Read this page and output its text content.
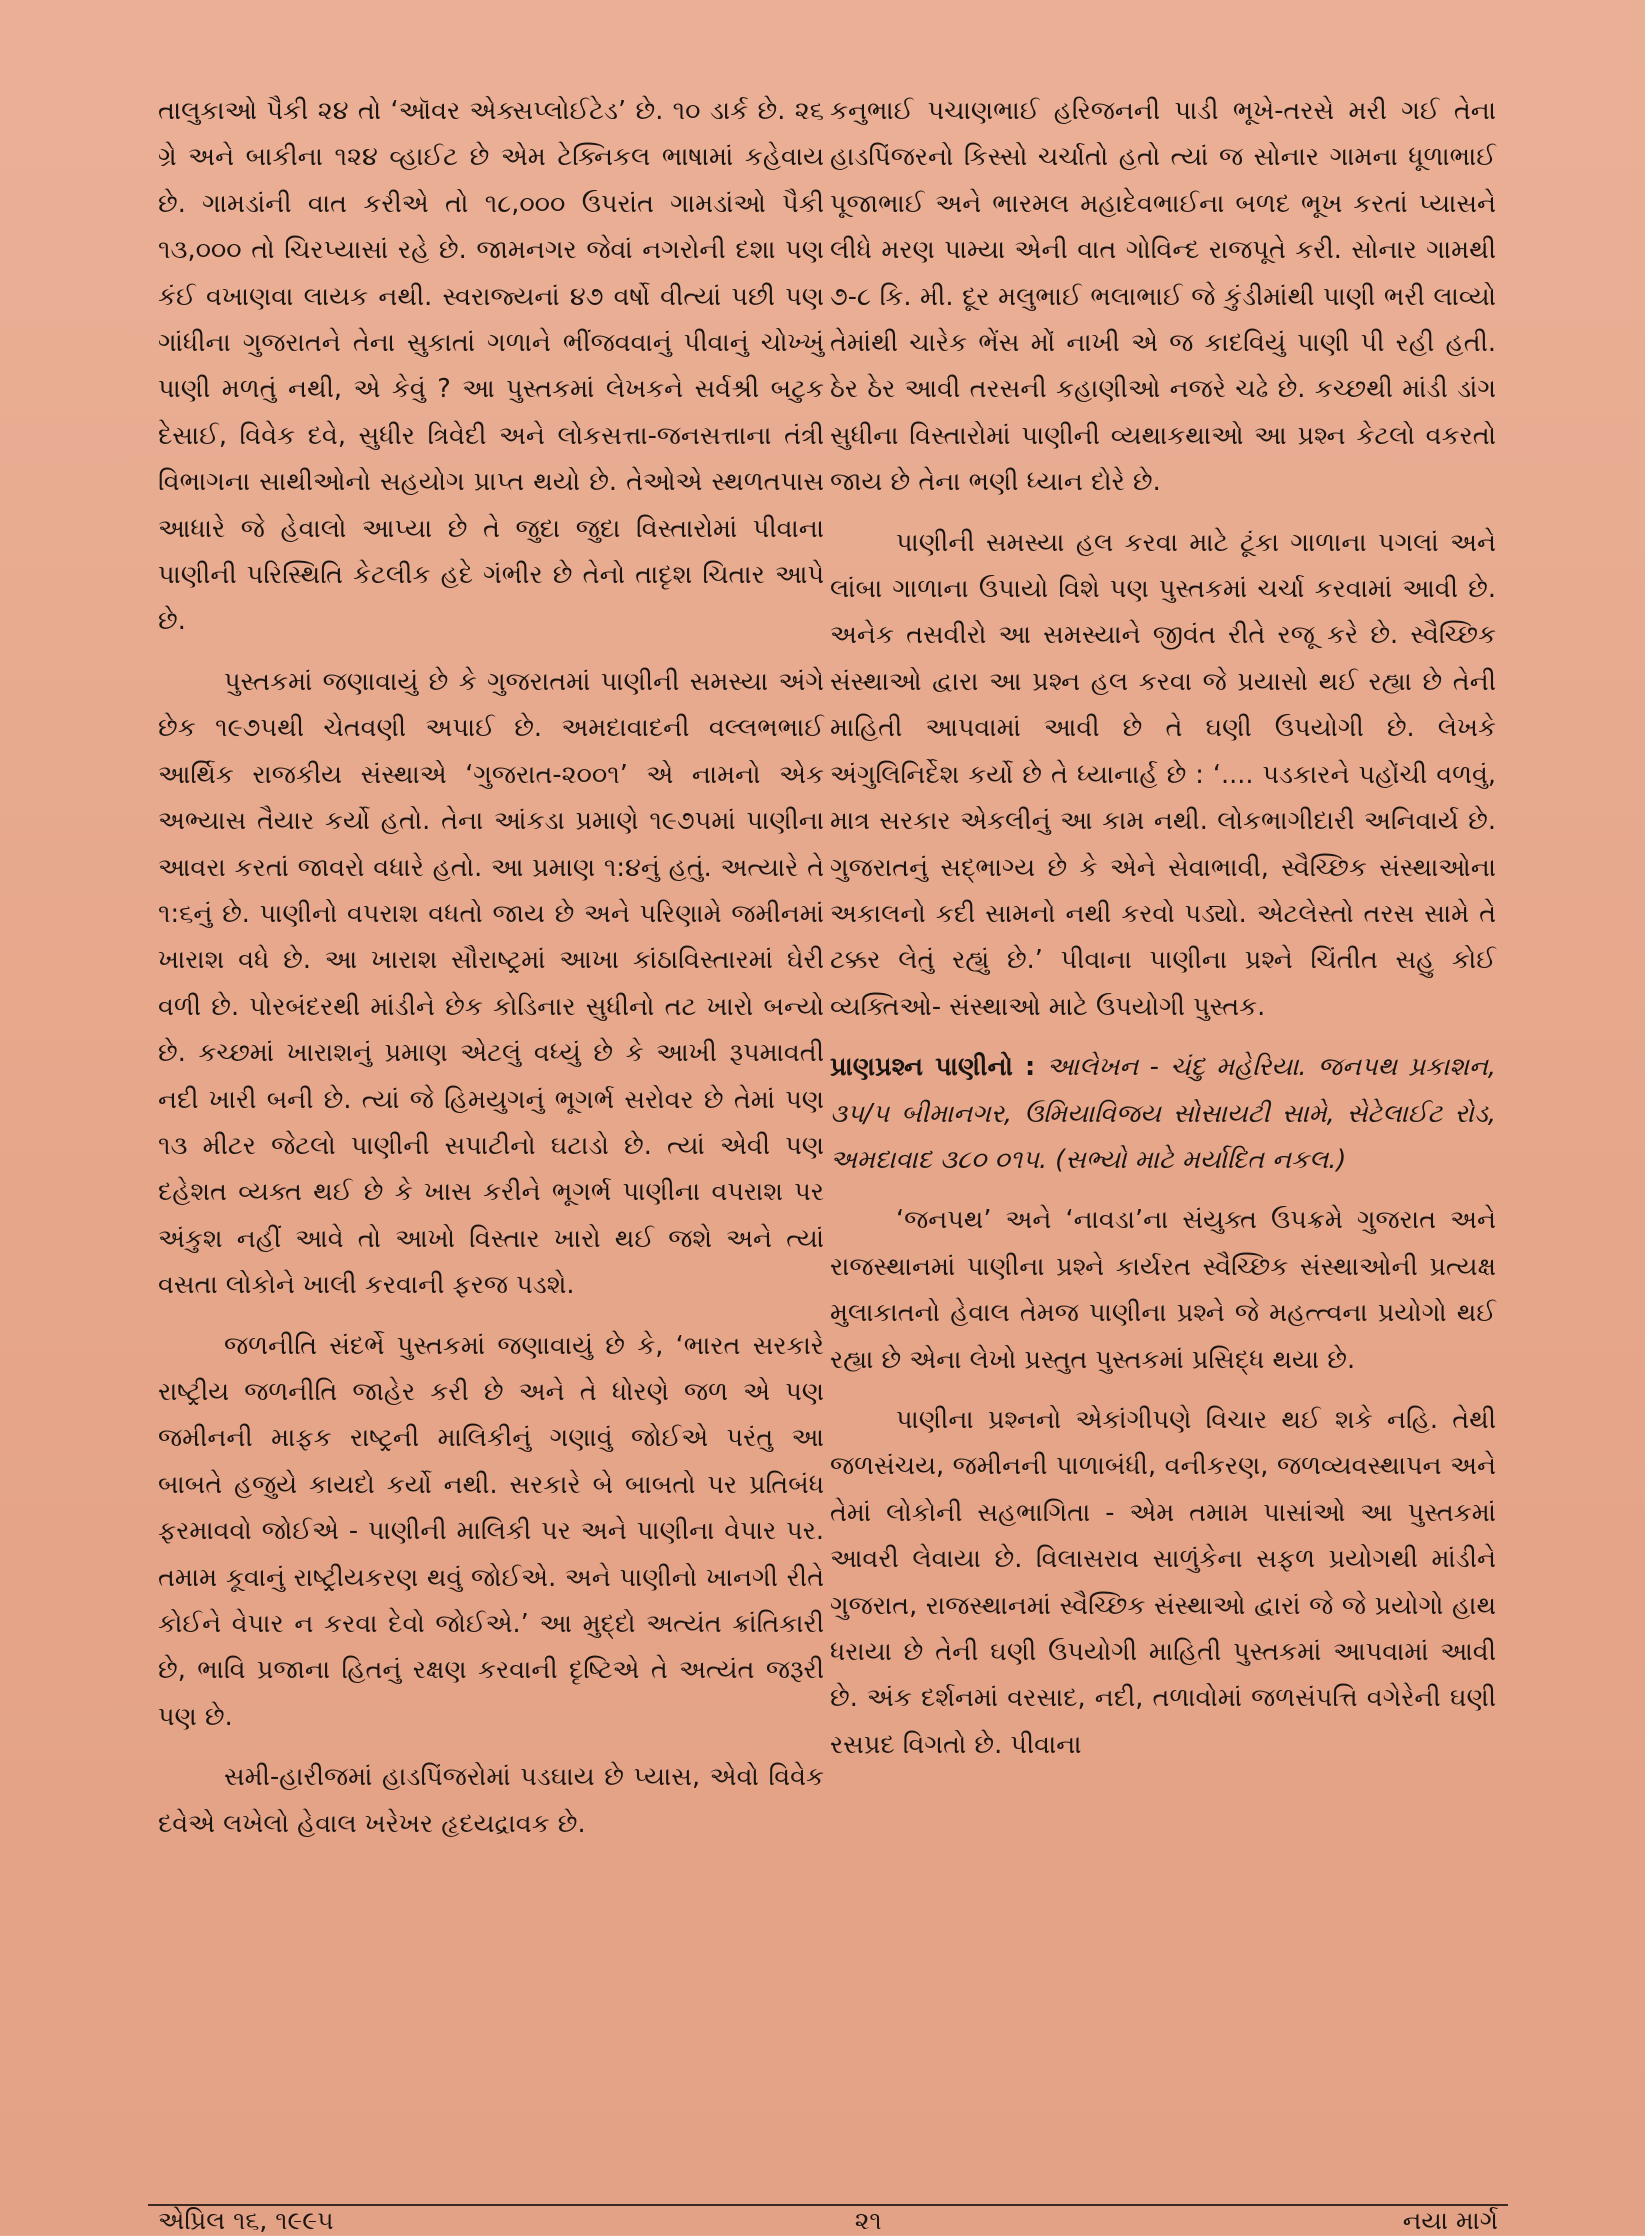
તાલુકાઓ પૈકી ૨૪ તો ‘ઑવર એક્સપ્લોઈટેડ’ છે. ૧૦ ડાર્ક છે. ૨૬ ગ્રે અને બાકીના ૧૨૪ વ્હાઈટ છે એમ ટેક્નિકલ ભાષામાં કહેવાય છે. ગામડાંની વાત કરીએ તો ૧૮,૦૦૦ ઉપરાંત ગામડાંઓ પૈકી ૧૩,૦૦૦ તો ચિરપ્યાસાં રહે છે. જામનગર જેવાં નગરોની દશા પણ કંઈ વખાણવા લાયક નથી. સ્વરાજ્યનાં ૪૭ વર્ષો વીત્યાં પછી પણ ગાંધીના ગુજરાતને તેના સુકાતાં ગળાને ભીંજવવાનું પીવાનું ચોખ્ખું પાણી મળતું નથી, એ કેવું ? આ પુસ્તકમાં લેખકને સર્વશ્રી બટુક દેસાઈ, વિવેક દવે, સુધીર ત્રિવેદી અને લોકસત્તા-જનસત્તાના તંત્રી વિભાગના સાથીઓનો સહયોગ પ્રાપ્ત થયો છે. તેઓએ સ્થળતપાસ આધારે જે હેવાલો આપ્યા છે તે જુદા જુદા વિસ્તારોમાં પીવાના પાણીની પરિસ્થિતિ કેટલીક હદે ગંભીર છે તેનો તાદૃશ ચિતાર આપે છે.

પુસ્તકમાં જણાવાયું છે કે ગુજરાતમાં પાણીની સમસ્યા અંગે છેક ૧૯૭૫થી ચેતવણી અપાઈ છે. અમદાવાદની વલ્લભભાઈ આર્થિક રાજકીય સંસ્થાએ ‘ગુજરાત-૨૦૦૧’ એ નામનો એક અભ્યાસ તૈયાર કર્યો હતો. તેના આંકડા પ્રમાણે ૧૯૭૫માં પાણીના આવરા કરતાં જાવરો વધારે હતો. આ પ્રમાણ ૧:૪નું હતું. અત્યારે તે ૧:૬નું છે. પાણીનો વપરાશ વધતો જાય છે અને પરિણામે જમીનમાં ખારાશ વધે છે. આ ખારાશ સૌરાષ્ટ્રમાં આખા કાંઠાવિસ્તારમાં ઘેરી વળી છે. પોરબંદરથી માંડીને છેક કોડિનાર સુધીનો તટ ખારો બન્યો છે. કચ્છમાં ખારાશનું પ્રમાણ એટલું વધ્યું છે કે આખી રૂપમાવતી નદી ખારી બની છે. ત્યાં જે હિમયુગનું ભૂગર્ભ સરોવર છે તેમાં પણ ૧૩ મીટર જેટલો પાણીની સપાટીનો ઘટાડો છે. ત્યાં એવી પણ દહેશત વ્યક્ત થઈ છે કે ખાસ કરીને ભૂગર્ભ પાણીના વપરાશ પર અંકુશ નહીં આવે તો આખો વિસ્તાર ખારો થઈ જશે અને ત્યાં વસતા લોકોને ખાલી કરવાની ફરજ પડશે.

જળનીતિ સંદર્ભે પુસ્તકમાં જણાવાયું છે કે, ‘ભારત સરકારે રાષ્ટ્રીય જળનીતિ જાહેર કરી છે અને તે ધોરણે જળ એ પણ જમીનની માફક રાષ્ટ્રની માલિકીનું ગણાવું જોઈએ પરંતુ આ બાબતે હજુયે કાયદો કર્યો નથી. સરકારે બે બાબતો પર પ્રતિબંધ ફરમાવવો જોઈએ - પાણીની માલિકી પર અને પાણીના વેપાર પર. તમામ કૂવાનું રાષ્ટ્રીયકરણ થવું જોઈએ. અને પાણીનો ખાનગી રીતે કોઈને વેપાર ન કરવા દેવો જોઈએ.’ આ મુદ્દો અત્યંત ક્રાંતિકારી છે, ભાવિ પ્રજાના હિતનું રક્ષણ કરવાની દૃષ્ટિએ તે અત્યંત જરૂરી પણ છે.

સમી-હારીજમાં હાડપિંજરોમાં પડઘાય છે પ્યાસ, એવો વિવેક દવેએ લખેલો હેવાલ ખરેખર હૃદયદ્રાવક છે.

કનુભાઈ પચાણભાઈ હરિજનની પાડી ભૂખે-તરસે મરી ગઈ તેના હાડપિંજરનો કિસ્સો ચર્ચાતો હતો ત્યાં જ સોનાર ગામના ધૂળાભાઈ પૂજાભાઈ અને ભારમલ મહાદેવભાઈના બળદ ભૂખ કરતાં પ્યાસને લીધે મરણ પામ્યા એની વાત ગોવિન્દ રાજપૂતે કરી. સોનાર ગામથી ૭-૮ કિ. મી. દૂર મલુભાઈ ભલાભાઈ જે કુંડીમાંથી પાણી ભરી લાવ્યો તેમાંથી ચારેક ભેંસ મોં નાખી એ જ કાદવિયું પાણી પી રહી હતી. ઠેર ઠેર આવી તરસની કહાણીઓ નજરે ચઢે છે. કચ્છથી માંડી ડાંગ સુધીના વિસ્તારોમાં પાણીની વ્યથાકથાઓ આ પ્રશ્ન કેટલો વકરતો જાય છે તેના ભણી ધ્યાન દોરે છે.

પાણીની સમસ્યા હલ કરવા માટે ટૂંકા ગાળાના પગલાં અને લાંબા ગાળાના ઉપાયો વિશે પણ પુસ્તકમાં ચર્ચા કરવામાં આવી છે. અનેક તસવીરો આ સમસ્યાને જીવંત રીતે રજૂ કરે છે. સ્વૈચ્છિક સંસ્થાઓ દ્વારા આ પ્રશ્ન હલ કરવા જે પ્રયાસો થઈ રહ્યા છે તેની માહિતી આપવામાં આવી છે તે ઘણી ઉપયોગી છે. લેખકે અંગુલિનિર્દેશ કર્યો છે તે ધ્યાનાર્હ છે : ‘.... પડકારને પહોંચી વળવું, માત્ર સરકાર એકલીનું આ કામ નથી. લોકભાગીદારી અનિવાર્ય છે. ગુજરાતનું સદ્ભાગ્ય છે કે એને સેવાભાવી, સ્વૈચ્છિક સંસ્થાઓના અકાલનો કદી સામનો નથી કરવો પડ્યો. એટલેસ્તો તરસ સામે તે ટક્કર લેતું રહ્યું છે.’ પીવાના પાણીના પ્રશ્ને ચિંતીત સહુ કોઈ વ્યક્તિઓ- સંસ્થાઓ માટે ઉપયોગી પુસ્તક.

પ્રાણપ્રશ્ન પાણીનો : આલેખન - ચંદુ મહેરિયા. જનપથ પ્રકાશન, ૩૫/૫ બીમાનગર, ઉમિયાવિજય સોસાયટી સામે, સેટેલાઈટ રોડ, અમદાવાદ ૩૮૦ ૦૧૫. (સભ્યો માટે મર્યાદિત નકલ.)

‘જનપથ’ અને ‘નાવડા’ના સંયુક્ત ઉપક્રમે ગુજરાત અને રાજસ્થાનમાં પાણીના પ્રશ્ને કાર્યરત સ્વૈચ્છિક સંસ્થાઓની પ્રત્યક્ષ મુલાકાતનો હેવાલ તેમજ પાણીના પ્રશ્ને જે મહત્ત્વના પ્રયોગો થઈ રહ્યા છે એના લેખો પ્રસ્તુત પુસ્તકમાં પ્રસિદ્ધ થયા છે.

પાણીના પ્રશ્નનો એકાંગીપણે વિચાર થઈ શકે નહિ. તેથી જળસંચય, જમીનની પાળાબંધી, વનીકરણ, જળવ્યવસ્થાપન અને તેમાં લોકોની સહભાગિતા - એમ તમામ પાસાંઓ આ પુસ્તકમાં આવરી લેવાયા છે. વિલાસરાવ સાળુંકેના સફળ પ્રયોગથી માંડીને ગુજરાત, રાજસ્થાનમાં સ્વૈચ્છિક સંસ્થાઓ દ્વારાં જે જે પ્રયોગો હાથ ધરાયા છે તેની ઘણી ઉપયોગી માહિતી પુસ્તકમાં આપવામાં આવી છે. અંક દર્શનમાં વરસાદ, નદી, તળાવોમાં જળસંપત્તિ વગેરેની ઘણી રસપ્રદ વિગતો છે. પીવાના

એપ્રિલ ૧૬, ૧૯૯૫	૨૧	નયા માર્ગ
